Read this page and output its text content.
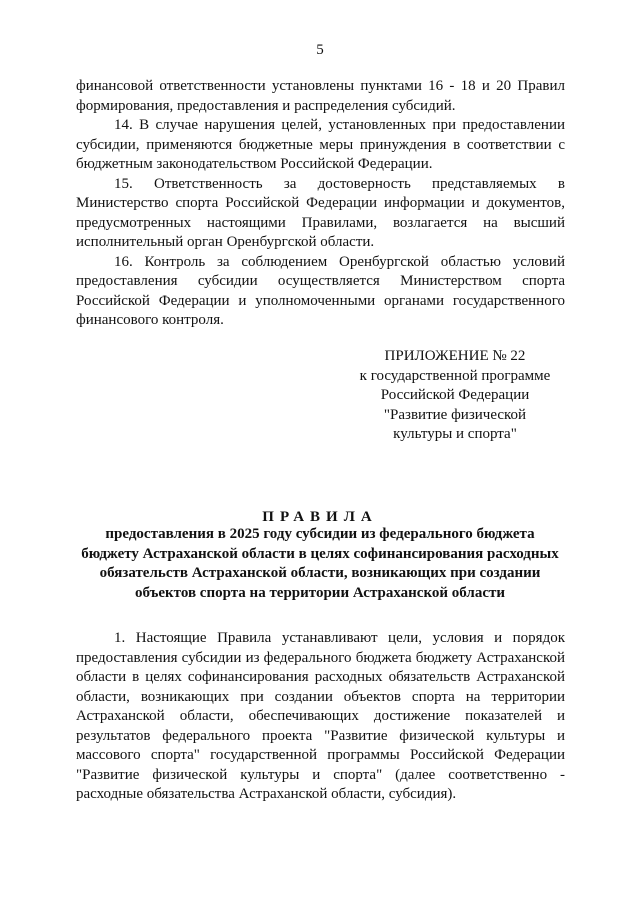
5

финансовой ответственности установлены пунктами 16 - 18 и 20 Правил формирования, предоставления и распределения субсидий.

14. В случае нарушения целей, установленных при предоставлении субсидии, применяются бюджетные меры принуждения в соответствии с бюджетным законодательством Российской Федерации.

15. Ответственность за достоверность представляемых в Министерство спорта Российской Федерации информации и документов, предусмотренных настоящими Правилами, возлагается на высший исполнительный орган Оренбургской области.

16. Контроль за соблюдением Оренбургской областью условий предоставления субсидии осуществляется Министерством спорта Российской Федерации и уполномоченными органами государственного финансового контроля.

ПРИЛОЖЕНИЕ № 22
к государственной программе
Российской Федерации
"Развитие физической
культуры и спорта"
ПРАВИЛА
предоставления в 2025 году субсидии из федерального бюджета
бюджету Астраханской области в целях софинансирования расходных
обязательств Астраханской области, возникающих при создании
объектов спорта на территории Астраханской области

1. Настоящие Правила устанавливают цели, условия и порядок предоставления субсидии из федерального бюджета бюджету Астраханской области в целях софинансирования расходных обязательств Астраханской области, возникающих при создании объектов спорта на территории Астраханской области, обеспечивающих достижение показателей и результатов федерального проекта "Развитие физической культуры и массового спорта" государственной программы Российской Федерации "Развитие физической культуры и спорта" (далее соответственно - расходные обязательства Астраханской области, субсидия).
